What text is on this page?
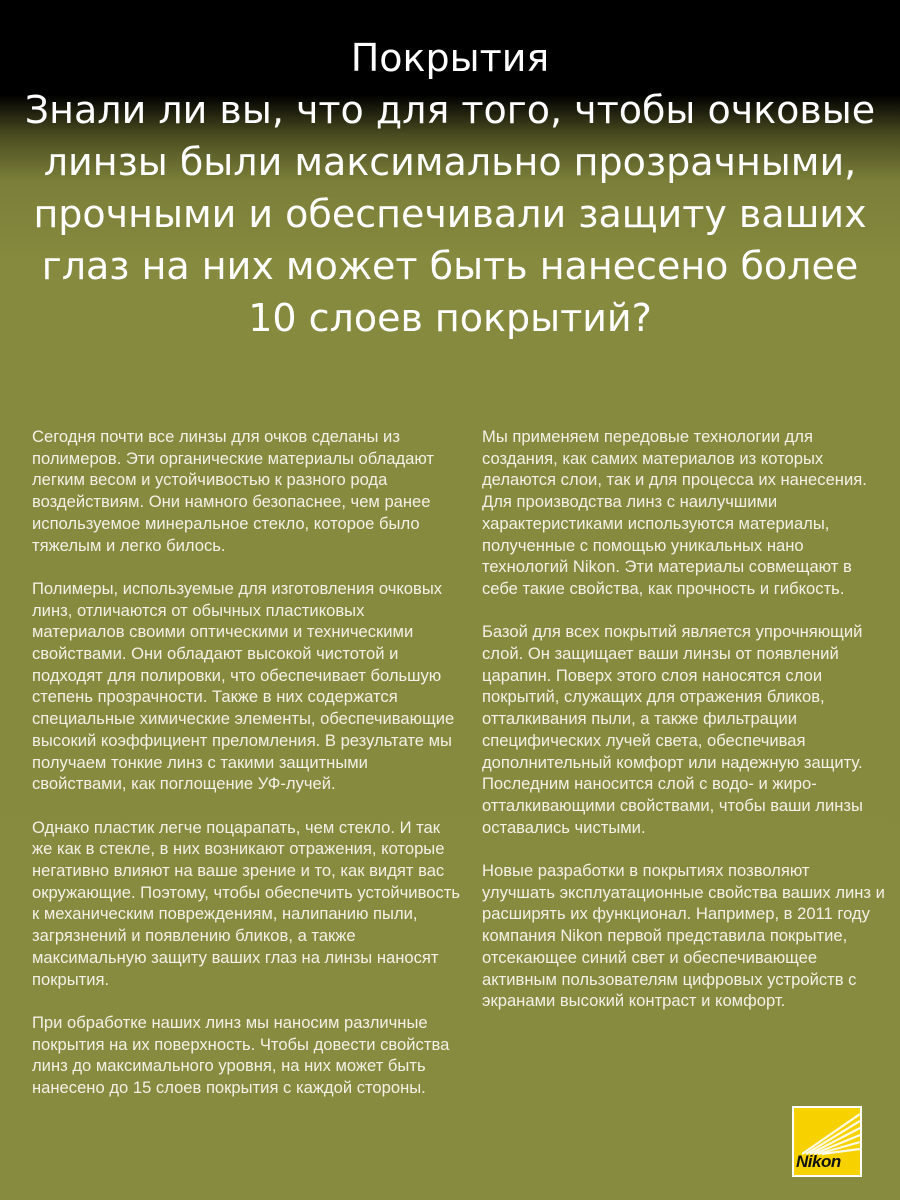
Покрытия
Знали ли вы, что для того, чтобы очковые линзы были максимально прозрачными, прочными и обеспечивали защиту ваших глаз на них может быть нанесено более 10 слоев покрытий?

Сегодня почти все линзы для очков сделаны из полимеров. Эти органические материалы обладают легким весом и устойчивостью к разного рода воздействиям. Они намного безопаснее, чем ранее используемое минеральное стекло, которое было тяжелым и легко билось.

Полимеры, используемые для изготовления очковых линз, отличаются от обычных пластиковых материалов своими оптическими и техническими свойствами. Они обладают высокой чистотой и подходят для полировки, что обеспечивает большую степень прозрачности. Также в них содержатся специальные химические элементы, обеспечивающие высокий коэффициент преломления. В результате мы получаем тонкие линз с такими защитными свойствами, как поглощение УФ-лучей.

Однако пластик легче поцарапать, чем стекло. И так же как в стекле, в них возникают отражения, которые негативно влияют на ваше зрение и то, как видят вас окружающие. Поэтому, чтобы обеспечить устойчивость к механическим повреждениям, налипанию пыли, загрязнений и появлению бликов, а также максимальную защиту ваших глаз на линзы наносят покрытия.

При обработке наших линз мы наносим различные покрытия на их поверхность. Чтобы довести свойства линз до максимального уровня, на них может быть нанесено до 15 слоев покрытия с каждой стороны.

Мы применяем передовые технологии для создания, как самих материалов из которых делаются слои, так и для процесса их нанесения. Для производства линз с наилучшими характеристиками используются материалы, полученные с помощью уникальных нано технологий Nikon. Эти материалы совмещают в себе такие свойства, как прочность и гибкость.

Базой для всех покрытий является упрочняющий слой. Он защищает ваши линзы от появлений царапин. Поверх этого слоя наносятся слои покрытий, служащих для отражения бликов, отталкивания пыли, а также фильтрации специфических лучей света, обеспечивая дополнительный комфорт или надежную защиту. Последним наносится слой с водо- и жиро-отталкивающими свойствами, чтобы ваши линзы оставались чистыми.

Новые разработки в покрытиях позволяют улучшать эксплуатационные свойства ваших линз и расширять их функционал. Например, в 2011 году компания Nikon первой представила покрытие, отсекающее синий свет и обеспечивающее активным пользователям цифровых устройств с экранами высокий контраст и комфорт.

Nikon
